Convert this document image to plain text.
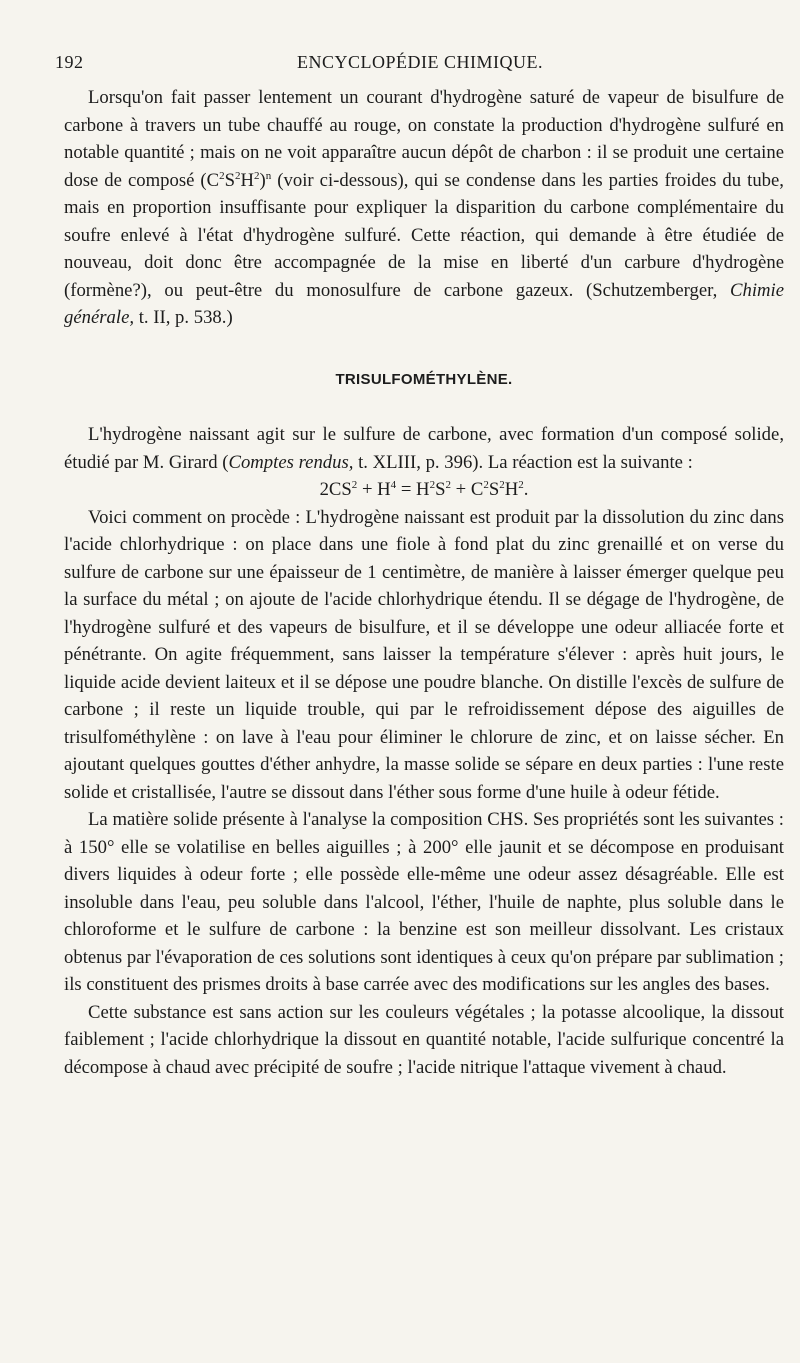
ENCYCLOPÉDIE CHIMIQUE.
192

Lorsqu'on fait passer lentement un courant d'hydrogène saturé de vapeur de bisulfure de carbone à travers un tube chauffé au rouge, on constate la production d'hydrogène sulfuré en notable quantité ; mais on ne voit apparaître aucun dépôt de charbon : il se produit une certaine dose de composé $(C^2S^2H^2)^n$ (voir ci-dessous), qui se condense dans les parties froides du tube, mais en proportion insuffisante pour expliquer la disparition du carbone complémentaire du soufre enlevé à l'état d'hydrogène sulfuré. Cette réaction, qui demande à être étudiée de nouveau, doit donc être accompagnée de la mise en liberté d'un carbure d'hydrogène (formène?), ou peut-être du monosulfure de carbone gazeux. (Schutzemberger, Chimie générale, t. II, p. 538.)

TRISULFOMÉTHYLÈNE.

L'hydrogène naissant agit sur le sulfure de carbone, avec formation d'un composé solide, étudié par M. Girard (Comptes rendus, t. XLIII, p. 396). La réaction est la suivante :

$2CS^2 + H^4 = H^2S^2 + C^2S^2H^2$.

Voici comment on procède : L'hydrogène naissant est produit par la dissolution du zinc dans l'acide chlorhydrique : on place dans une fiole à fond plat du zinc grenaillé et on verse du sulfure de carbone sur une épaisseur de 1 centimètre, de manière à laisser émerger quelque peu la surface du métal ; on ajoute de l'acide chlorhydrique étendu. Il se dégage de l'hydrogène, de l'hydrogène sulfuré et des vapeurs de bisulfure, et il se développe une odeur alliacée forte et pénétrante. On agite fréquemment, sans laisser la température s'élever : après huit jours, le liquide acide devient laiteux et il se dépose une poudre blanche. On distille l'excès de sulfure de carbone ; il reste un liquide trouble, qui par le refroidissement dépose des aiguilles de trisulfométhylène : on lave à l'eau pour éliminer le chlorure de zinc, et on laisse sécher. En ajoutant quelques gouttes d'éther anhydre, la masse solide se sépare en deux parties : l'une reste solide et cristallisée, l'autre se dissout dans l'éther sous forme d'une huile à odeur fétide.

La matière solide présente à l'analyse la composition CHS. Ses propriétés sont les suivantes : à 150° elle se volatilise en belles aiguilles ; à 200° elle jaunit et se décompose en produisant divers liquides à odeur forte ; elle possède elle-même une odeur assez désagréable. Elle est insoluble dans l'eau, peu soluble dans l'alcool, l'éther, l'huile de naphte, plus soluble dans le chloroforme et le sulfure de carbone : la benzine est son meilleur dissolvant. Les cristaux obtenus par l'évaporation de ces solutions sont identiques à ceux qu'on prépare par sublimation ; ils constituent des prismes droits à base carrée avec des modifications sur les angles des bases.

Cette substance est sans action sur les couleurs végétales ; la potasse alcoolique, la dissout faiblement ; l'acide chlorhydrique la dissout en quantité notable, l'acide sulfurique concentré la décompose à chaud avec précipité de soufre ; l'acide nitrique l'attaque vivement à chaud.
